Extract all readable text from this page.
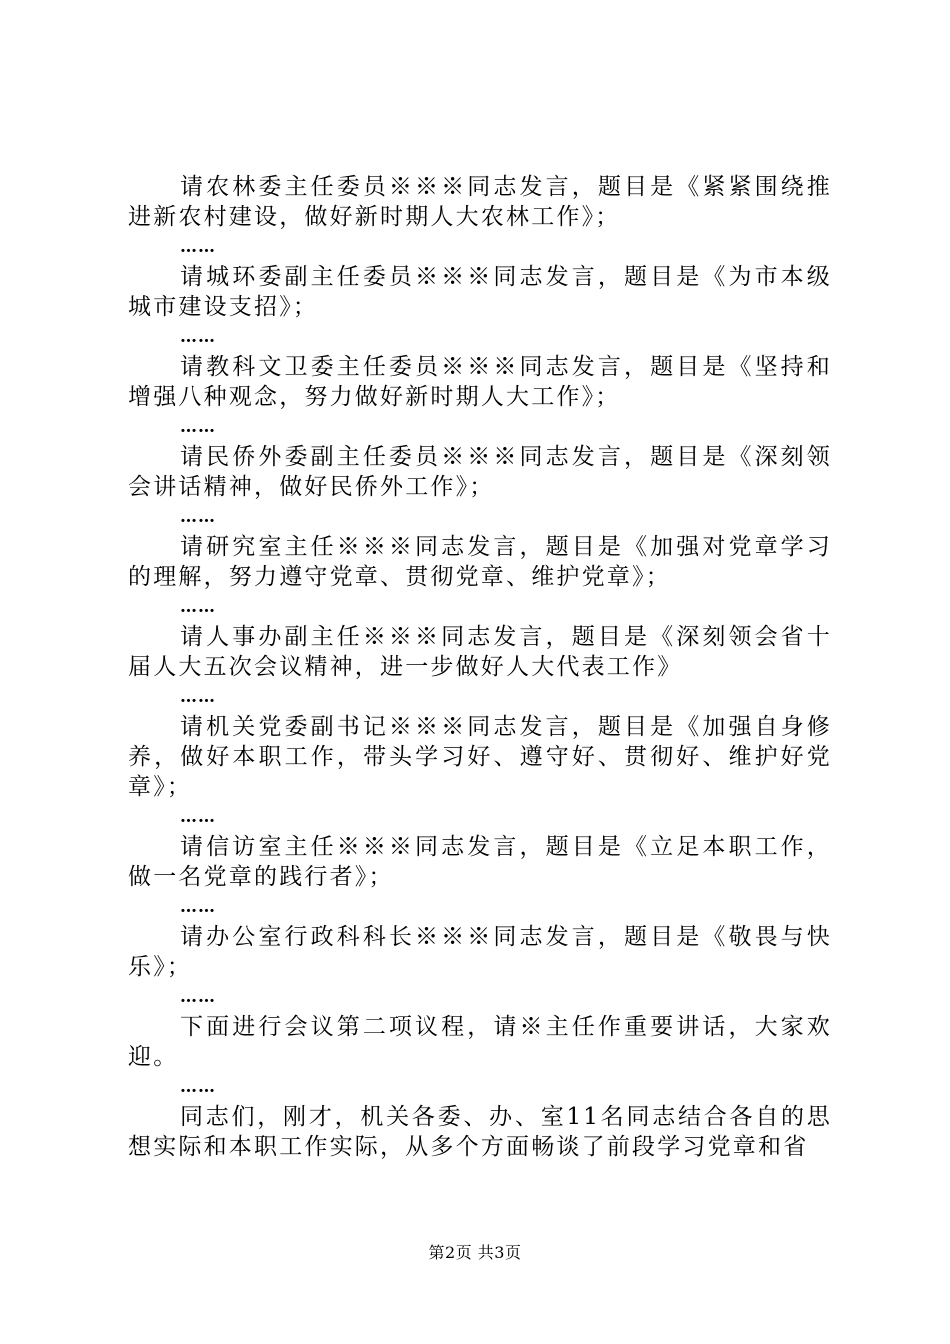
请农林委主任委员※※※同志发言，题目是《紧紧围绕推进新农村建设，做好新时期人大农林工作》；

……

请城环委副主任委员※※※同志发言，题目是《为市本级城市建设支招》；

……

请教科文卫委主任委员※※※同志发言，题目是《坚持和增强八种观念，努力做好新时期人大工作》；

……

请民侨外委副主任委员※※※同志发言，题目是《深刻领会讲话精神，做好民侨外工作》；

……

请研究室主任※※※同志发言，题目是《加强对党章学习的理解，努力遵守党章、贯彻党章、维护党章》；

……

请人事办副主任※※※同志发言，题目是《深刻领会省十届人大五次会议精神，进一步做好人大代表工作》

……

请机关党委副书记※※※同志发言，题目是《加强自身修养，做好本职工作，带头学习好、遵守好、贯彻好、维护好党章》；

……

请信访室主任※※※同志发言，题目是《立足本职工作，做一名党章的践行者》；

……

请办公室行政科科长※※※同志发言，题目是《敬畏与快乐》；

……

下面进行会议第二项议程，请※主任作重要讲话，大家欢迎。

……

同志们，刚才，机关各委、办、室11名同志结合各自的思想实际和本职工作实际，从多个方面畅谈了前段学习党章和省

第2页 共3页
